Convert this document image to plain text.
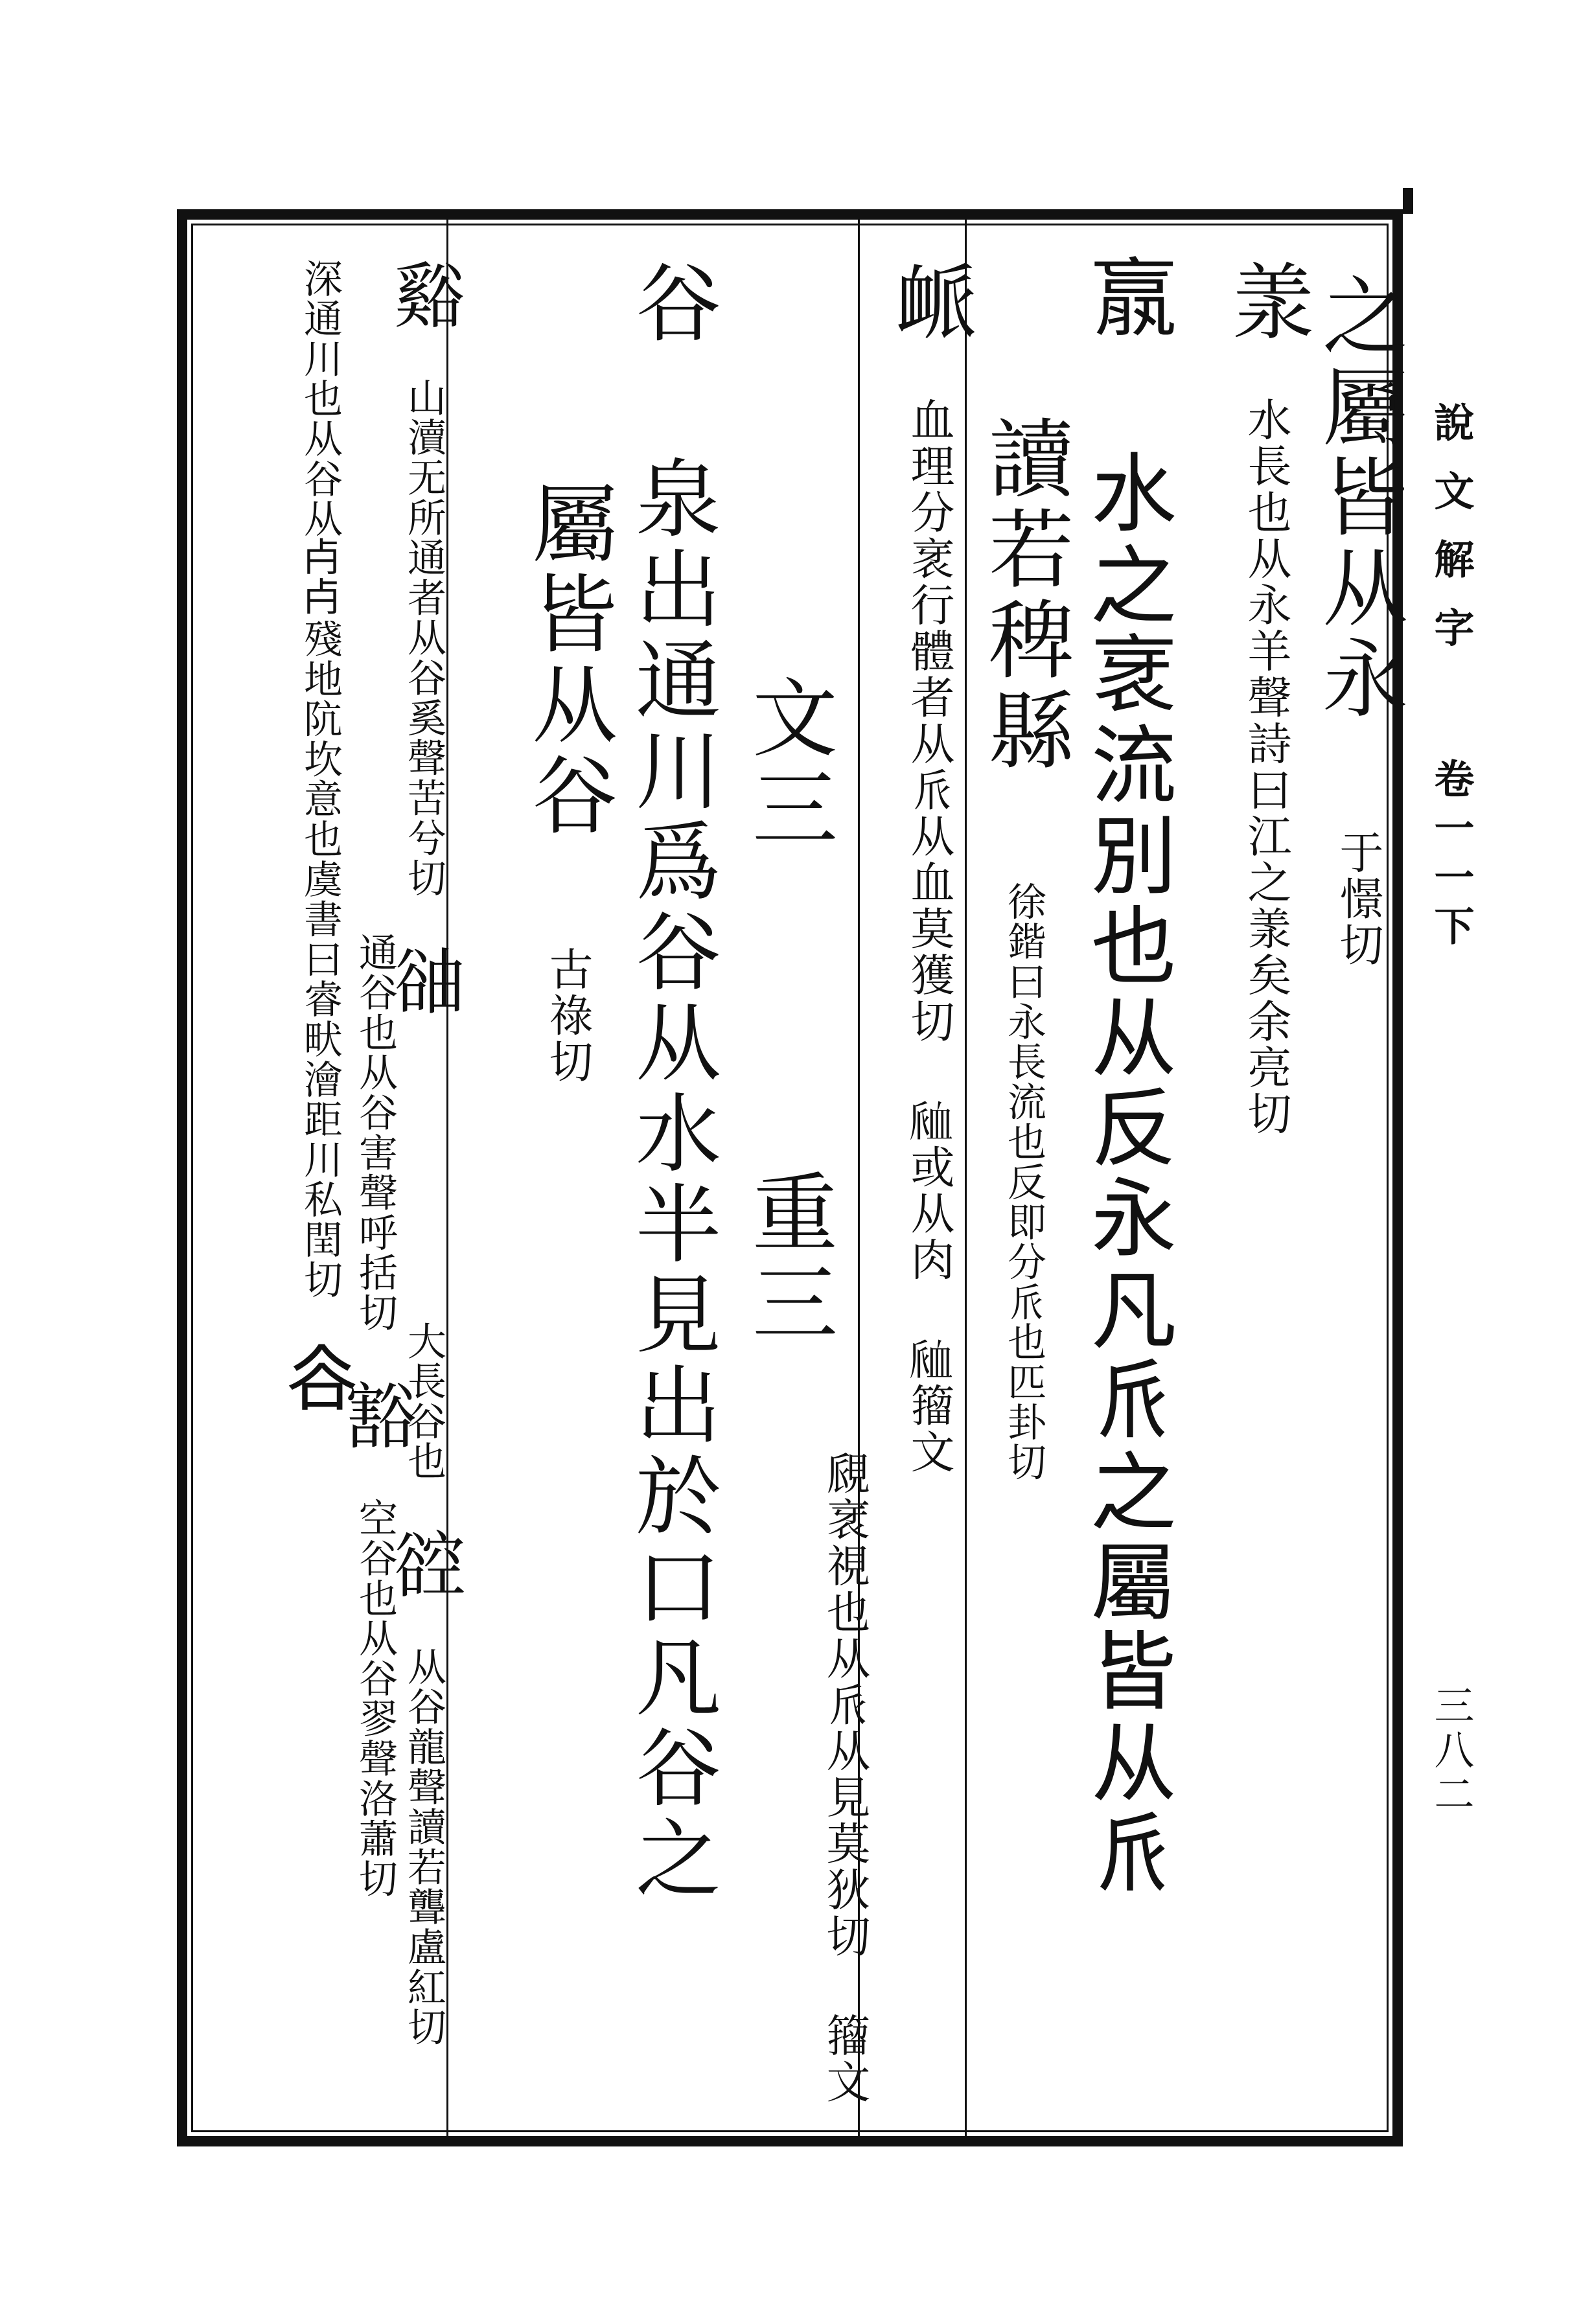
說文解字
卷一一下
三八二
之屬皆从永 于憬切
羕 水長也从永羊聲詩曰江之羕矣余亮切
𣎆 水之衺流別也从反永凡𠂢之屬皆从𠂢
讀若稗縣 徐鍇曰永長流也反即分𠂢也匹卦切
衇 血理分衺行體者从𠂢从血莫獲切 𧖴或从肉 𧖴籀文
覛衺視也从𠂢从見莫狄切 籀文
文三  重三
谷 泉出通川爲谷从水半見出於口凡谷之
屬皆从谷 古祿切
谿 山瀆无所通者从谷奚聲苦兮切 䜬
通谷也从谷害聲呼括切 豁 空谷也从谷翏聲洛蕭切
大長谷也 谾 从谷龍聲讀若聾盧紅切
深通川也从谷从𣦵𣦵殘地阬坎意也虞書曰睿畎澮距川私閏切 𧮫
